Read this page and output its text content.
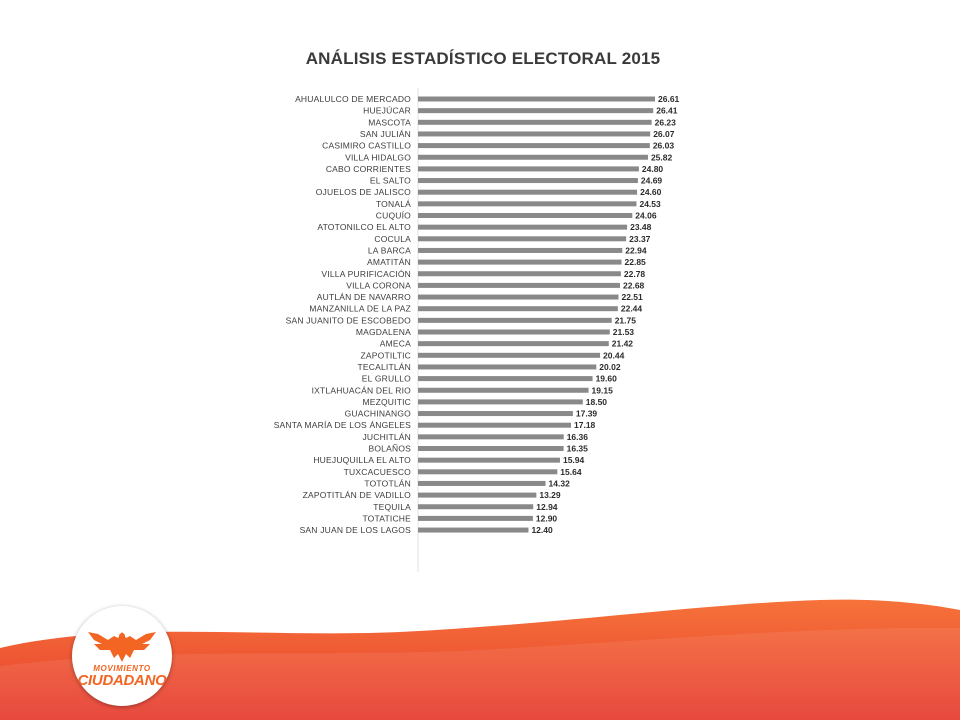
ANÁLISIS ESTADÍSTICO ELECTORAL 2015
AHUALULCO DE MERCADO	26.61
HUEJÚCAR	26.41
MASCOTA	26.23
SAN JULIÁN	26.07
CASIMIRO CASTILLO	26.03
VILLA HIDALGO	25.82
CABO CORRIENTES	24.80
EL SALTO	24.69
OJUELOS DE JALISCO	24.60
TONALÁ	24.53
CUQUÍO	24.06
ATOTONILCO EL ALTO	23.48
COCULA	23.37
LA BARCA	22.94
AMATITÁN	22.85
VILLA PURIFICACIÓN	22.78
VILLA CORONA	22.68
AUTLÁN DE NAVARRO	22.51
MANZANILLA DE LA PAZ	22.44
SAN JUANITO DE ESCOBEDO	21.75
MAGDALENA	21.53
AMECA	21.42
ZAPOTILTIC	20.44
TECALITLÁN	20.02
EL GRULLO	19.60
IXTLAHUACÁN DEL RIO	19.15
MEZQUITIC	18.50
GUACHINANGO	17.39
SANTA MARÍA DE LOS ÁNGELES	17.18
JUCHITLÁN	16.36
BOLAÑOS	16.35
HUEJUQUILLA EL ALTO	15.94
TUXCACUESCO	15.64
TOTOTLÁN	14.32
ZAPOTITLÁN DE VADILLO	13.29
TEQUILA	12.94
TOTATICHE	12.90
SAN JUAN DE LOS LAGOS	12.40
MOVIMIENTO
CIUDADANO
